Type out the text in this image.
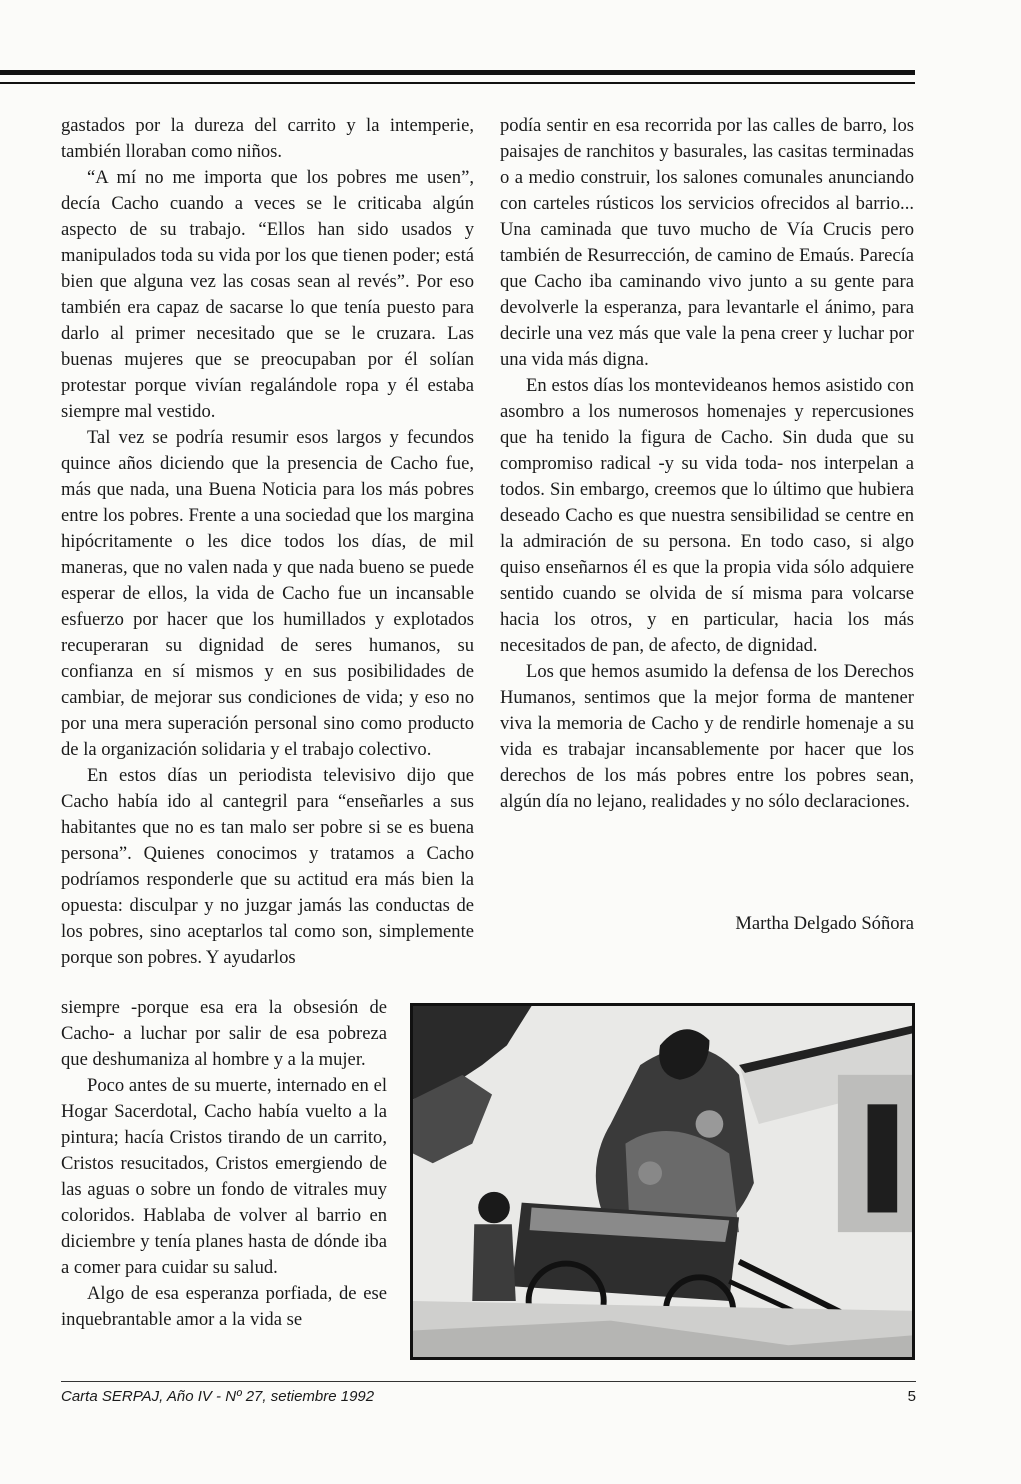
gastados por la dureza del carrito y la intemperie, también lloraban como niños.

“A mí no me importa que los pobres me usen”, decía Cacho cuando a veces se le criticaba algún aspecto de su trabajo. “Ellos han sido usados y manipulados toda su vida por los que tienen poder; está bien que alguna vez las cosas sean al revés”. Por eso también era capaz de sacarse lo que tenía puesto para darlo al primer necesitado que se le cruzara. Las buenas mujeres que se preocupaban por él solían protestar porque vivían regalándole ropa y él estaba siempre mal vestido.

Tal vez se podría resumir esos largos y fecundos quince años diciendo que la presencia de Cacho fue, más que nada, una Buena Noticia para los más pobres entre los pobres. Frente a una sociedad que los margina hipócritamente o les dice todos los días, de mil maneras, que no valen nada y que nada bueno se puede esperar de ellos, la vida de Cacho fue un incansable esfuerzo por hacer que los humillados y explotados recuperaran su dignidad de seres humanos, su confianza en sí mismos y en sus posibilidades de cambiar, de mejorar sus condiciones de vida; y eso no por una mera superación personal sino como producto de la organización solidaria y el trabajo colectivo.

En estos días un periodista televisivo dijo que Cacho había ido al cantegril para “enseñarles a sus habitantes que no es tan malo ser pobre si se es buena persona”. Quienes conocimos y tratamos a Cacho podríamos responderle que su actitud era más bien la opuesta: disculpar y no juzgar jamás las conductas de los pobres, sino aceptarlos tal como son, simplemente porque son pobres. Y ayudarlos

siempre -porque esa era la obsesión de Cacho- a luchar por salir de esa pobreza que deshumaniza al hombre y a la mujer.

Poco antes de su muerte, internado en el Hogar Sacerdotal, Cacho había vuelto a la pintura; hacía Cristos tirando de un carrito, Cristos resucitados, Cristos emergiendo de las aguas o sobre un fondo de vitrales muy coloridos. Hablaba de volver al barrio en diciembre y tenía planes hasta de dónde iba a comer para cuidar su salud.

Algo de esa esperanza porfiada, de ese inquebrantable amor a la vida se

podía sentir en esa recorrida por las calles de barro, los paisajes de ranchitos y basurales, las casitas terminadas o a medio construir, los salones comunales anunciando con carteles rústicos los servicios ofrecidos al barrio... Una caminada que tuvo mucho de Vía Crucis pero también de Resurrección, de camino de Emaús. Parecía que Cacho iba caminando vivo junto a su gente para devolverle la esperanza, para levantarle el ánimo, para decirle una vez más que vale la pena creer y luchar por una vida más digna.

En estos días los montevideanos hemos asistido con asombro a los numerosos homenajes y repercusiones que ha tenido la figura de Cacho. Sin duda que su compromiso radical -y su vida toda- nos interpelan a todos. Sin embargo, creemos que lo último que hubiera deseado Cacho es que nuestra sensibilidad se centre en la admiración de su persona. En todo caso, si algo quiso enseñarnos él es que la propia vida sólo adquiere sentido cuando se olvida de sí misma para volcarse hacia los otros, y en particular, hacia los más necesitados de pan, de afecto, de dignidad.

Los que hemos asumido la defensa de los Derechos Humanos, sentimos que la mejor forma de mantener viva la memoria de Cacho y de rendirle homenaje a su vida es trabajar incansablemente por hacer que los derechos de los más pobres entre los pobres sean, algún día no lejano, realidades y no sólo declaraciones.

Martha Delgado Sóñora
Carta SERPAJ, Año IV - Nº 27, setiembre 1992	5
